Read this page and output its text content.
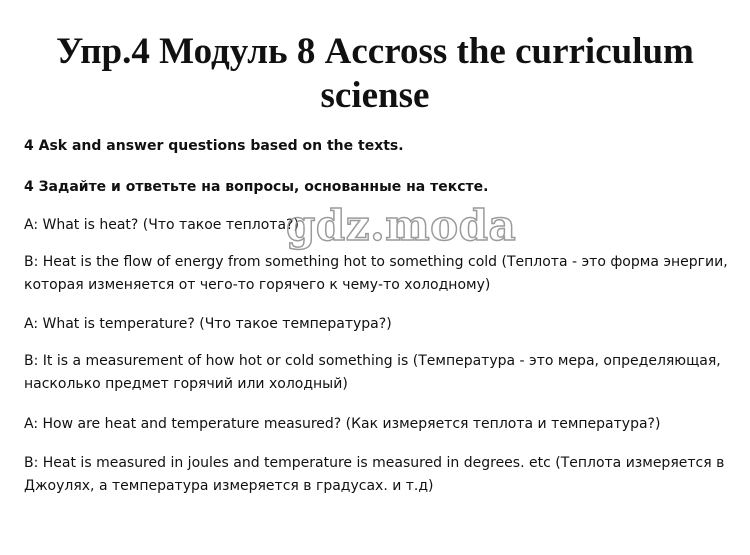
Упр.4 Модуль 8 Accross the curriculum
sciense

4 Ask and answer questions based on the texts.

4 Задайте и ответьте на вопросы, основанные на тексте.

A: What is heat? (Что такое теплота?)

B: Heat is the flow of energy from something hot to something cold (Теплота - это форма энергии,

которая изменяется от чего-то горячего к чему-то холодному)

A: What is temperature? (Что такое температура?)

B: It is a measurement of how hot or cold something is (Температура - это мера, определяющая,

насколько предмет горячий или холодный)

A: How are heat and temperature measured? (Как измеряется теплота и температура?)

B: Heat is measured in joules and temperature is measured in degrees. etc (Теплота измеряется в

Джоулях, а температура измеряется в градусах. и т.д)

gdz.moda
